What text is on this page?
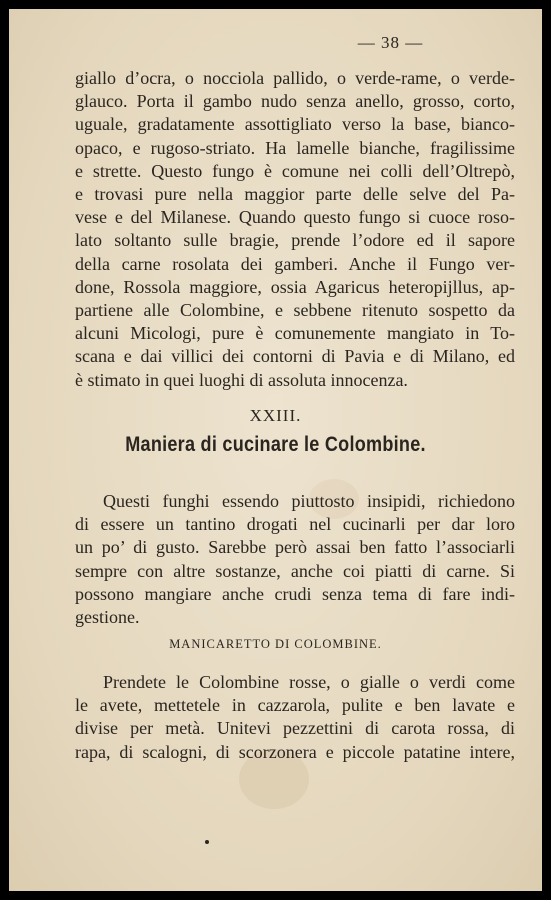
— 38 —
giallo d’ocra, o nocciola pallido, o verde-rame, o verde-
glauco. Porta il gambo nudo senza anello, grosso, corto,
uguale, gradatamente assottigliato verso la base, bianco-
opaco, e rugoso-striato. Ha lamelle bianche, fragilissime
e strette. Questo fungo è comune nei colli dell’Oltrepò,
e trovasi pure nella maggior parte delle selve del Pa-
vese e del Milanese. Quando questo fungo si cuoce roso-
lato soltanto sulle bragie, prende l’odore ed il sapore
della carne rosolata dei gamberi. Anche il Fungo ver-
done, Rossola maggiore, ossia Agaricus heteropijllus, ap-
partiene alle Colombine, e sebbene ritenuto sospetto da
alcuni Micologi, pure è comunemente mangiato in To-
scana e dai villici dei contorni di Pavia e di Milano, ed
è stimato in quei luoghi di assoluta innocenza.
XXIII.
Maniera di cucinare le Colombine.
Questi funghi essendo piuttosto insipidi, richiedono
di essere un tantino drogati nel cucinarli per dar loro
un po’ di gusto. Sarebbe però assai ben fatto l’associarli
sempre con altre sostanze, anche coi piatti di carne. Si
possono mangiare anche crudi senza tema di fare indi-
gestione.
MANICARETTO DI COLOMBINE.
Prendete le Colombine rosse, o gialle o verdi come
le avete, mettetele in cazzarola, pulite e ben lavate e
divise per metà. Unitevi pezzettini di carota rossa, di
rapa, di scalogni, di scorzonera e piccole patatine intere,
